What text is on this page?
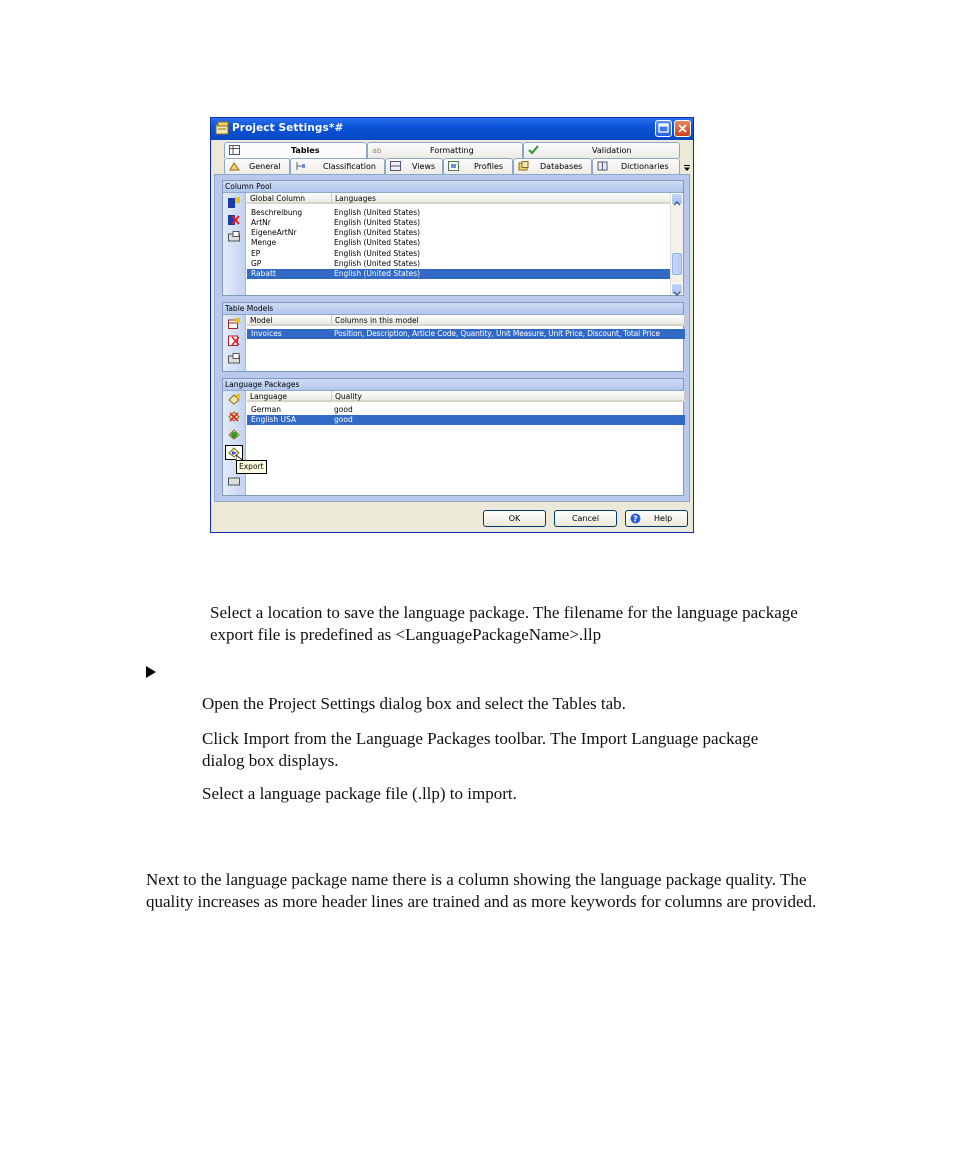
Project Settings*#
Tables	a b	Formatting	Validation
General	Classification	Views	Profiles	Databases	Dictionaries
Column Pool
Global Column	Languages
Beschreibung	English (United States)
ArtNr	English (United States)
EigeneArtNr	English (United States)
Menge	English (United States)
EP	English (United States)
GP	English (United States)
Rabatt	English (United States)
Table Models
Model	Columns in this model
Invoices	Position, Description, Article Code, Quantity, Unit Measure, Unit Price, Discount, Total Price
Language Packages
Language	Quality
German	good
English USA	good
Export
OK	Cancel	? Help

Select a location to save the language package. The filename for the language package export file is predefined as <LanguagePackageName>.llp

Open the Project Settings dialog box and select the Tables tab.

Click Import from the Language Packages toolbar. The Import Language package dialog box displays.

Select a language package file (.llp) to import.

Next to the language package name there is a column showing the language package quality. The quality increases as more header lines are trained and as more keywords for columns are provided.
